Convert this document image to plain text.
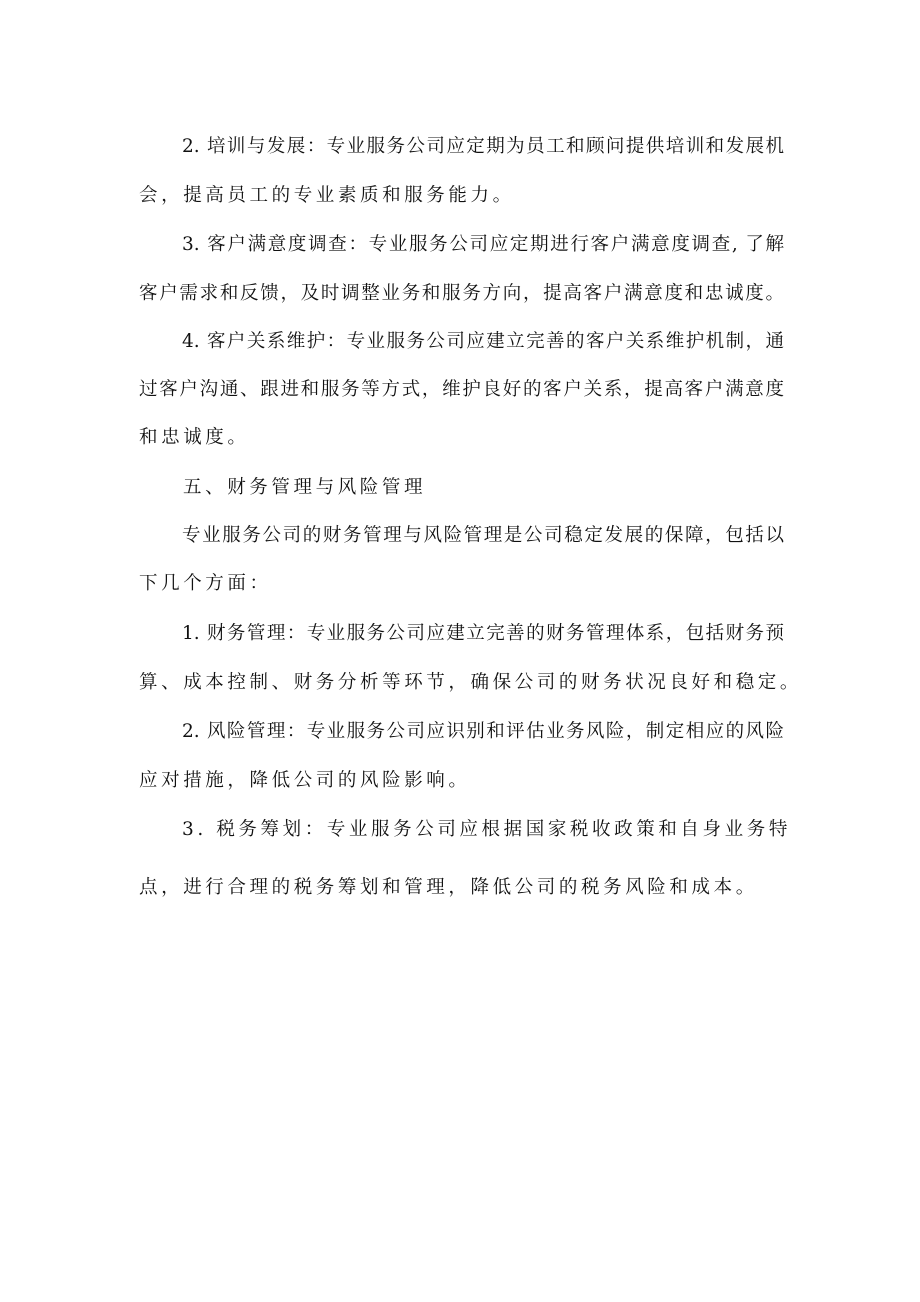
2. 培训与发展：专业服务公司应定期为员工和顾问提供培训和发展机
会，提高员工的专业素质和服务能力。
3. 客户满意度调查：专业服务公司应定期进行客户满意度调查, 了解
客户需求和反馈，及时调整业务和服务方向，提高客户满意度和忠诚度。
4. 客户关系维护：专业服务公司应建立完善的客户关系维护机制，通
过客户沟通、跟进和服务等方式，维护良好的客户关系，提高客户满意度
和忠诚度。
五、财务管理与风险管理
专业服务公司的财务管理与风险管理是公司稳定发展的保障，包括以
下几个方面：
1. 财务管理：专业服务公司应建立完善的财务管理体系，包括财务预
算、成本控制、财务分析等环节，确保公司的财务状况良好和稳定。
2. 风险管理：专业服务公司应识别和评估业务风险，制定相应的风险
应对措施，降低公司的风险影响。
3. 税务筹划：专业服务公司应根据国家税收政策和自身业务特
点，进行合理的税务筹划和管理，降低公司的税务风险和成本。
